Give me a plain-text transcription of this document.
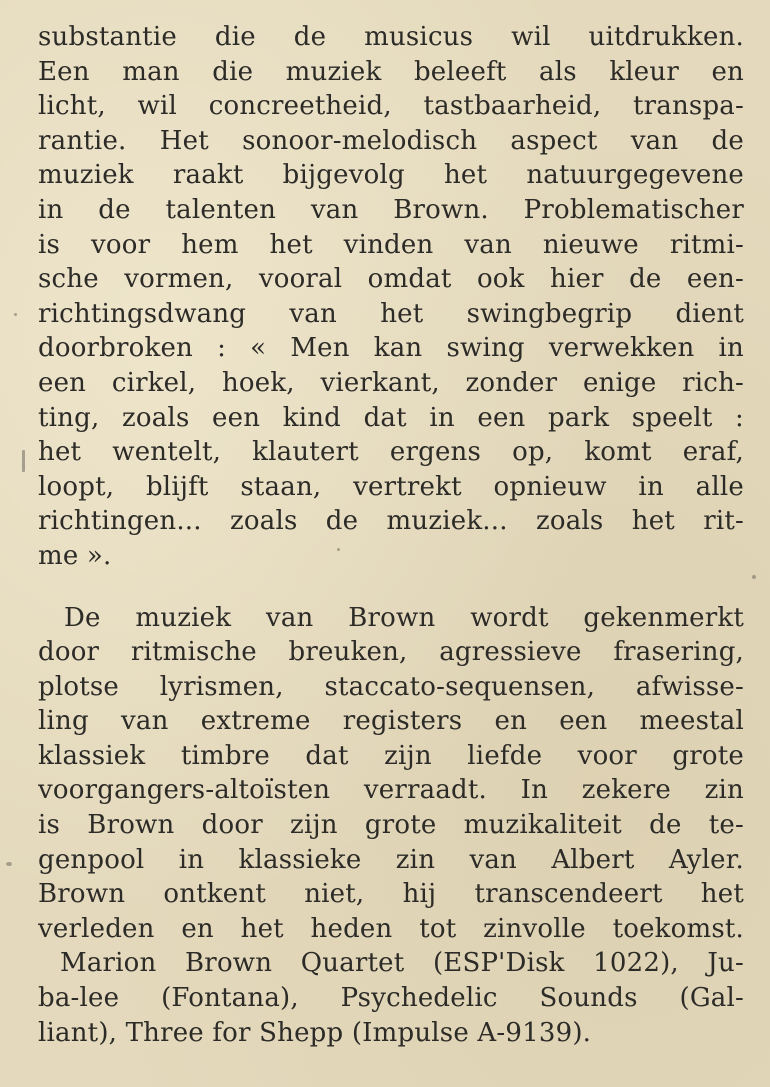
substantie die de musicus wil uitdrukken.
Een man die muziek beleeft als kleur en
licht, wil concreetheid, tastbaarheid, transpa-
rantie. Het sonoor-melodisch aspect van de
muziek raakt bijgevolg het natuurgegevene
in de talenten van Brown. Problematischer
is voor hem het vinden van nieuwe ritmi-
sche vormen, vooral omdat ook hier de een-
richtingsdwang van het swingbegrip dient
doorbroken : « Men kan swing verwekken in
een cirkel, hoek, vierkant, zonder enige rich-
ting, zoals een kind dat in een park speelt :
het wentelt, klautert ergens op, komt eraf,
loopt, blijft staan, vertrekt opnieuw in alle
richtingen... zoals de muziek... zoals het rit-
me ».
De muziek van Brown wordt gekenmerkt
door ritmische breuken, agressieve frasering,
plotse lyrismen, staccato-sequensen, afwisse-
ling van extreme registers en een meestal
klassiek timbre dat zijn liefde voor grote
voorgangers-altoïsten verraadt. In zekere zin
is Brown door zijn grote muzikaliteit de te-
genpool in klassieke zin van Albert Ayler.
Brown ontkent niet, hij transcendeert het
verleden en het heden tot zinvolle toekomst.
Marion Brown Quartet (ESP'Disk 1022), Ju-
ba-lee (Fontana), Psychedelic Sounds (Gal-
liant), Three for Shepp (Impulse A-9139).
